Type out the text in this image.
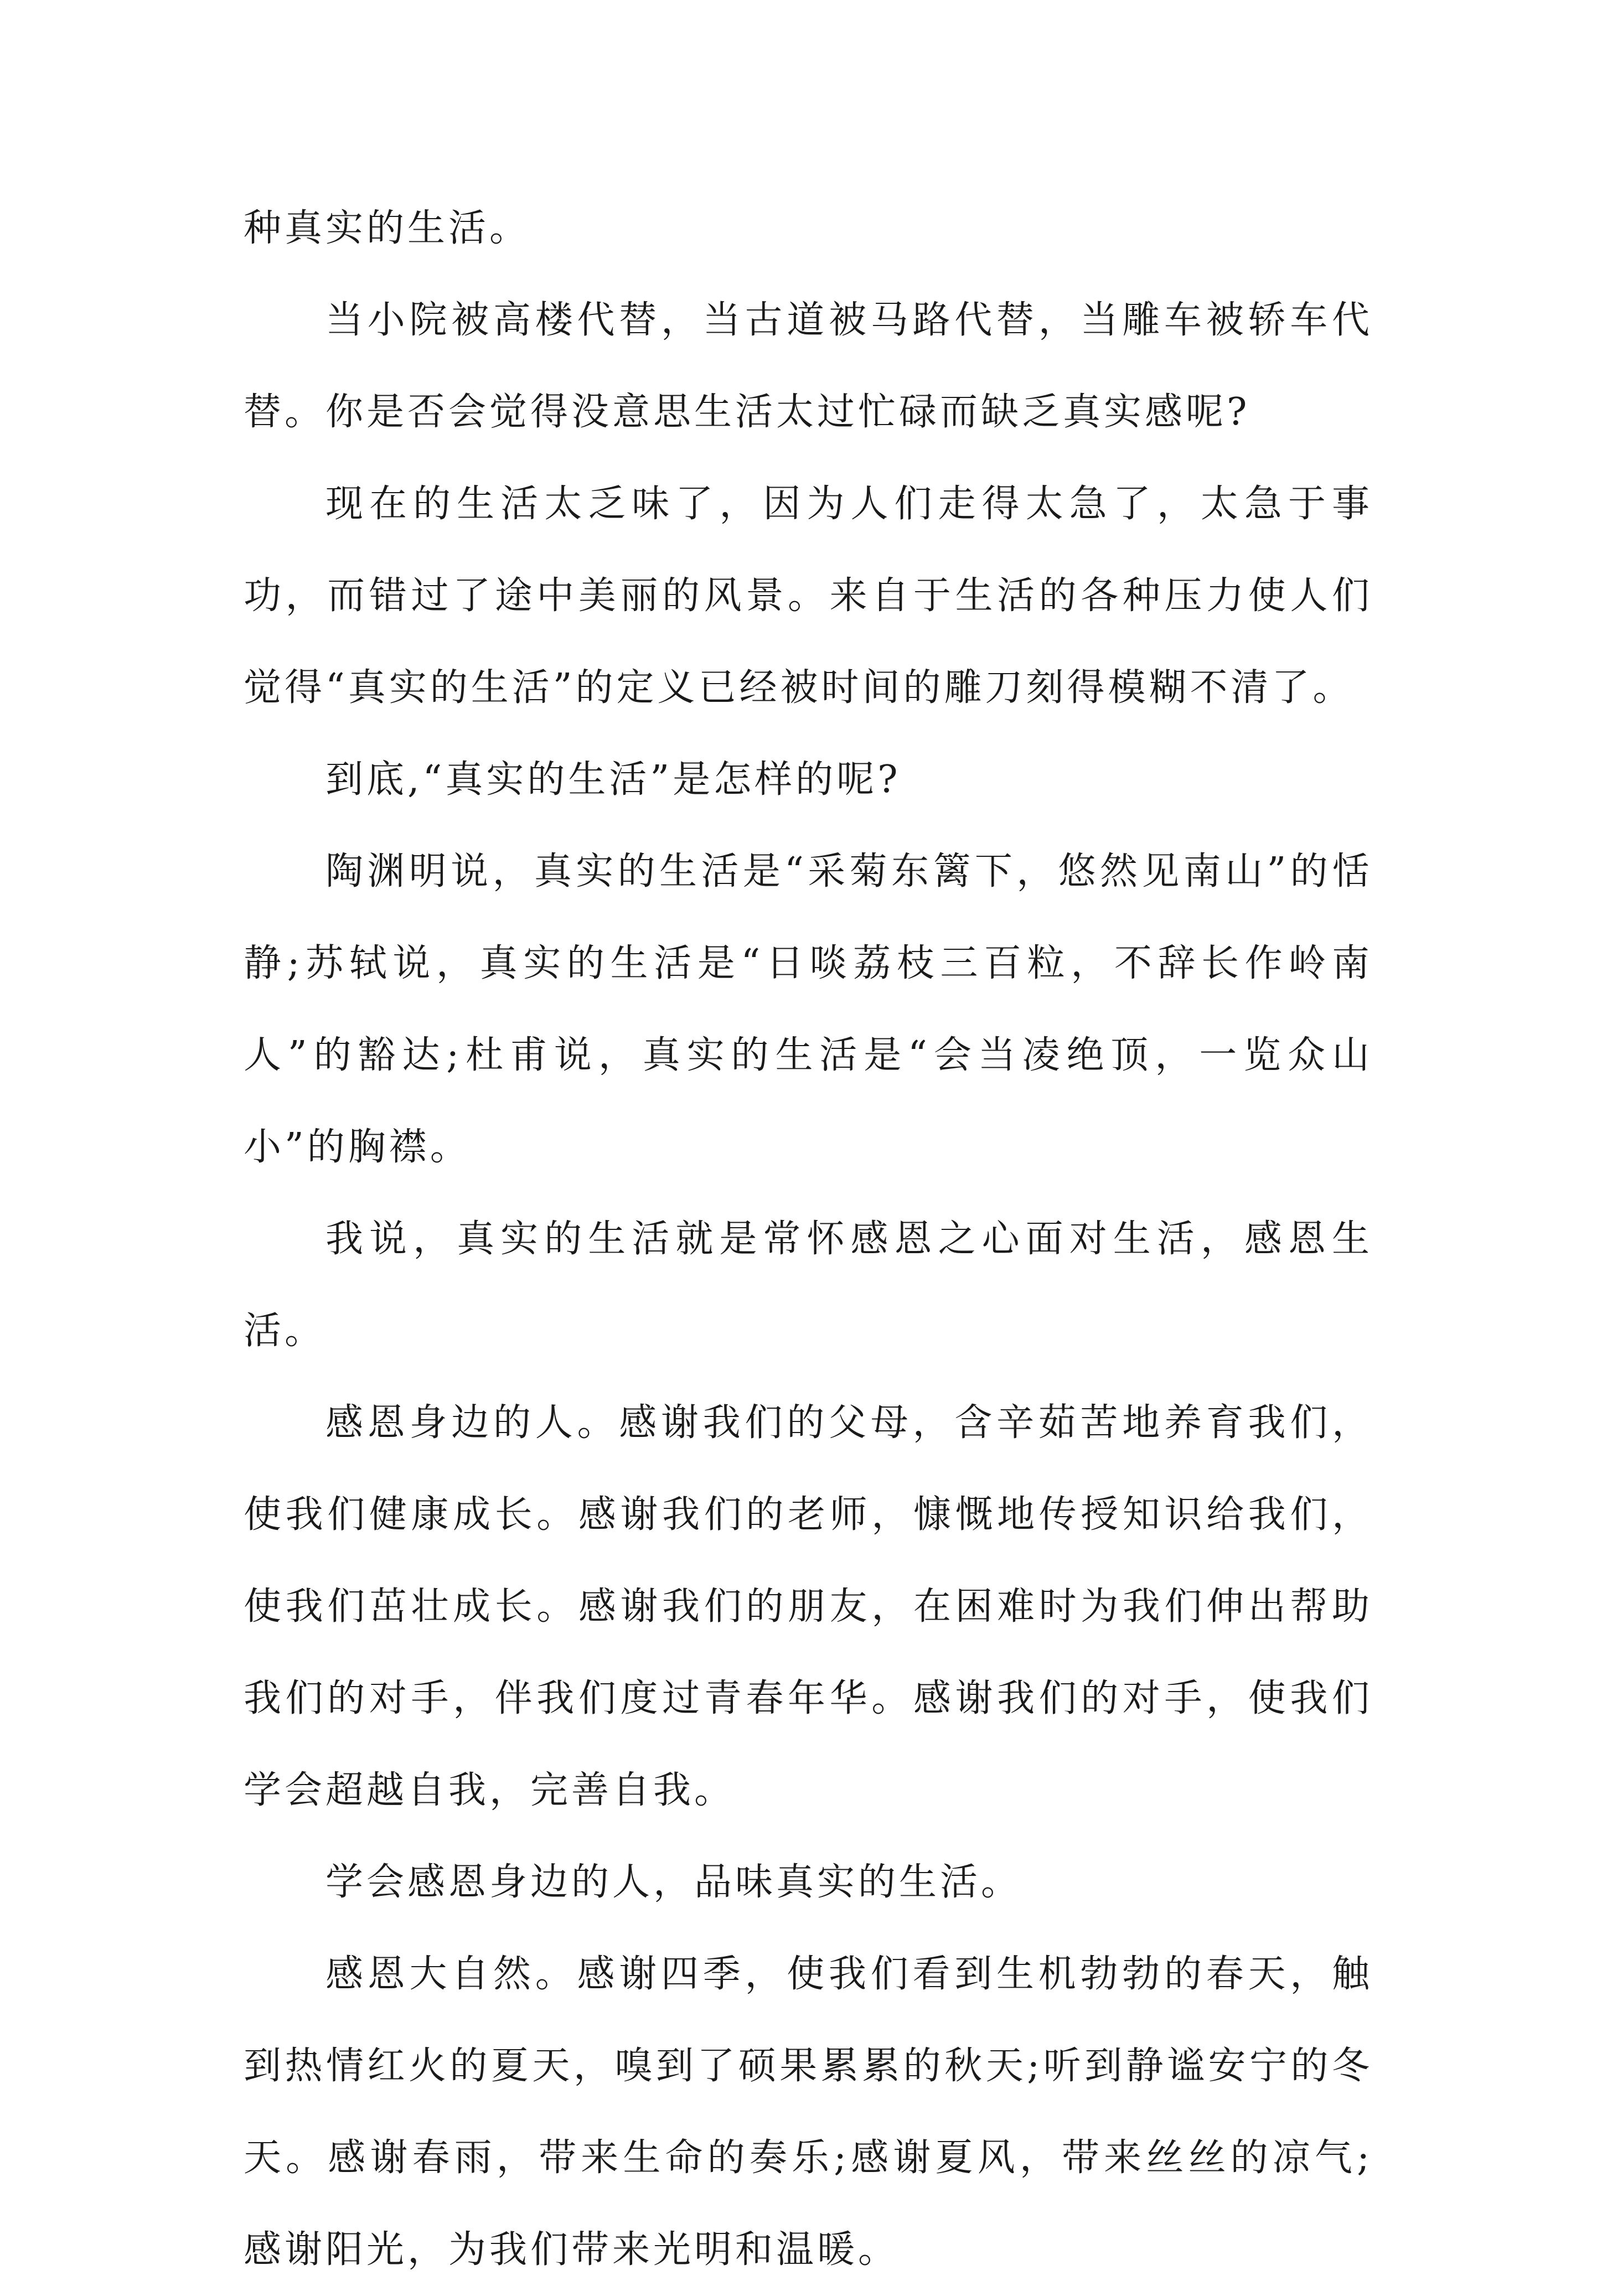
种真实的生活。

当小院被高楼代替，当古道被马路代替，当雕车被轿车代替。你是否会觉得没意思生活太过忙碌而缺乏真实感呢?

现在的生活太乏味了，因为人们走得太急了，太急于事功，而错过了途中美丽的风景。来自于生活的各种压力使人们觉得“真实的生活”的定义已经被时间的雕刀刻得模糊不清了。

到底,“真实的生活”是怎样的呢?

陶渊明说，真实的生活是“采菊东篱下，悠然见南山”的恬静;苏轼说，真实的生活是“日啖荔枝三百粒，不辞长作岭南人”的豁达;杜甫说，真实的生活是“会当凌绝顶，一览众山小”的胸襟。

我说，真实的生活就是常怀感恩之心面对生活，感恩生活。

感恩身边的人。感谢我们的父母，含辛茹苦地养育我们，使我们健康成长。感谢我们的老师，慷慨地传授知识给我们，使我们茁壮成长。感谢我们的朋友，在困难时为我们伸出帮助我们的对手，伴我们度过青春年华。感谢我们的对手，使我们学会超越自我，完善自我。

学会感恩身边的人，品味真实的生活。

感恩大自然。感谢四季，使我们看到生机勃勃的春天，触到热情红火的夏天，嗅到了硕果累累的秋天;听到静谧安宁的冬天。感谢春雨，带来生命的奏乐;感谢夏风，带来丝丝的凉气;感谢阳光，为我们带来光明和温暖。
